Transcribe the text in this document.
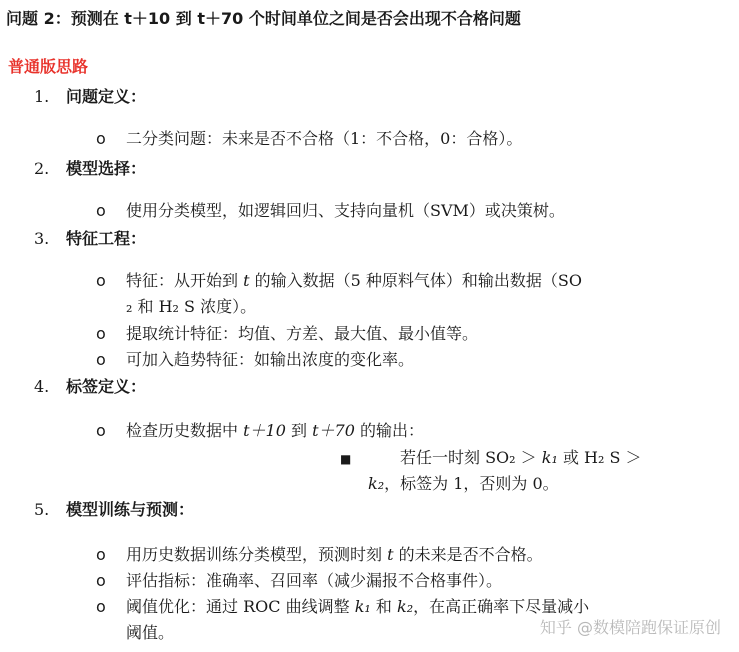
问题 2：预测在 t＋10 到 t＋70 个时间单位之间是否会出现不合格问题
普通版思路
1. 问题定义：
o 二分类问题：未来是否不合格（1：不合格，0：合格）。
2. 模型选择：
o 使用分类模型，如逻辑回归、支持向量机（SVM）或决策树。
3. 特征工程：
o 特征：从开始到 t 的输入数据（5 种原料气体）和输出数据（SO
₂ 和 H₂ S 浓度）。
o 提取统计特征：均值、方差、最大值、最小值等。
o 可加入趋势特征：如输出浓度的变化率。
4. 标签定义：
o 检查历史数据中 t＋10 到 t＋70 的输出：
■	若任一时刻 SO₂ ＞ k₁ 或 H₂ S ＞
k₂，标签为 1，否则为 0。
5. 模型训练与预测：
o 用历史数据训练分类模型，预测时刻 t 的未来是否不合格。
o 评估指标：准确率、召回率（减少漏报不合格事件）。
o 阈值优化：通过 ROC 曲线调整 k₁ 和 k₂，在高正确率下尽量减小
阈值。	知乎 @数模陪跑保证原创
